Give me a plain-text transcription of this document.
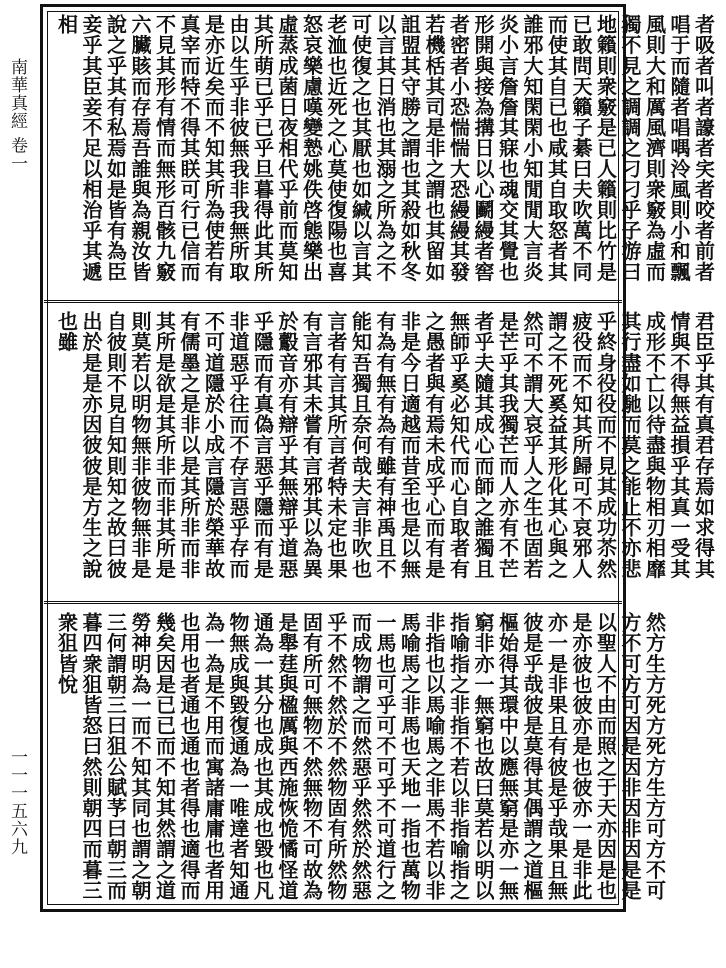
南華真經 卷一
一一一五六九
者吸者叫者譹者宎者咬者前者唱于而隨者唱喁泠風則小和飄風則大和厲風濟則衆竅為虛而獨不見之調調之刁刁乎子游曰地籟則衆竅是已人籟則比竹是已敢問天籟子綦曰夫吹萬不同而使其自已也咸其自取怒者其誰邪大知閑閑小知閒閒大言炎炎小言詹詹其寐也魂交其覺也形開與接為搆日以心鬬縵者窖者密者小恐惴惴大恐縵縵其發若機栝其司是非之謂也其留如詛盟其守勝之謂也其殺如秋冬以言其日消也其溺之所為之不可使復之也其厭也如緘以言其老洫也近死之心莫使復陽也喜怒哀樂慮嘆變慹姚佚啓態樂出虛蒸成菌日夜相代乎前而莫知其所萌已乎已乎旦暮得此其所由以生乎非彼無我非我無所取是亦近矣而不知其所為使若有真宰而特不得其眹可行已信而不見其形有情而無形百骸九竅六臟賅而存焉吾誰與為親汝皆說之乎其有私焉如是皆有為臣妾乎其臣妾不足以相治乎其遞相
君臣乎其有真君存焉如求得其情與不得無益損乎其真一受其成形不亡以待盡與物相刃相靡其行盡如馳而莫之能止不亦悲乎終身役役而不見其成功苶然疲役而不知其所歸可不哀邪人謂之不死奚益其形化其心與之然可不謂大哀乎人之生也固若是芒乎其我獨芒而人亦有不芒者乎夫隨其成心而師之誰獨且無師乎奚必知代而心自取者有之愚者與有焉未成乎心而有是非是今日適越而昔至也是以無有為有無有為有雖有神禹且不能知吾獨且奈何哉夫言非吹也言者有言其所言者特未定也果有言邪其未嘗有言邪其以為異於鷇音亦有辯乎其無辯乎道惡乎隱而有真偽言惡乎隱而有是非道惡乎往而不存言惡乎存而不可道隱於小成言隱於榮華故有儒墨之是非以是其所非而非其所是欲是其所非而非其所是則莫若以明物無非彼物無非是自彼則不見自知則知之故曰彼出於是是亦因彼彼是方生之說也雖
然方生方死方死方生方可方不可方不可方可因是因非因非因是是以聖人不由而照之于天亦因是也是亦彼也彼亦是也彼亦一是非此亦一是非果且有彼是乎哉果且無彼是乎哉彼是莫得其偶謂之道樞樞始得其環中以應無窮是亦一無窮非亦一無窮也故曰莫若以明以指喻指之非指不若以非指喻指之非指也以馬喻馬之非馬不若以非馬喻馬之非馬也天地一指也萬物一馬也可乎可不可乎不可道行之而成物謂之而然惡乎然然於然惡乎不然不然於不然物固有所然物固有所可無物不然無物不可故為是舉莛與楹厲與西施恢恑憰怪道通為一其分也成也其成也毀也凡物無成與毀復通為一唯達者知通為一為是不用而寓諸庸庸也者用也用也者通也通也者得也適得而幾矣因是已已而不知其然謂之道勞神明為一而不知其同也謂之朝三何謂朝三曰狙公賦芧曰朝三而暮四衆狙皆怒曰然則朝四而暮三衆狙皆悅
